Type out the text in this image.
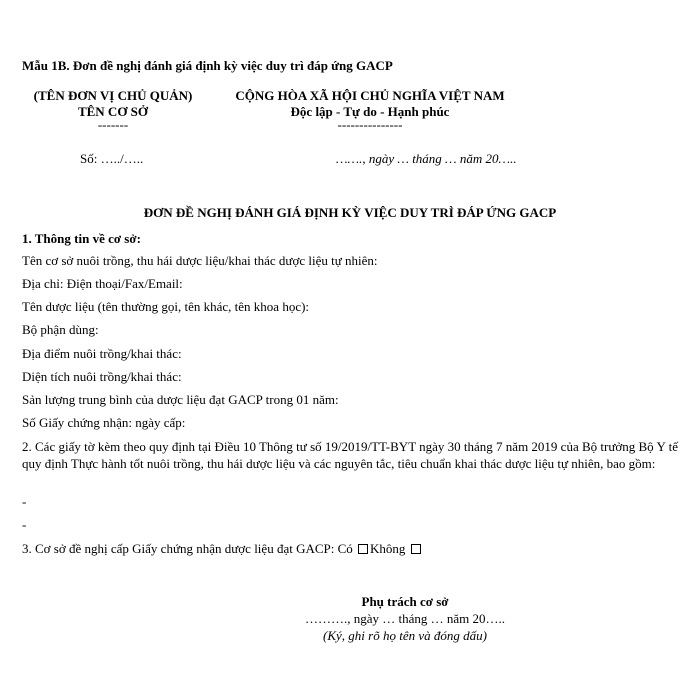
Mẫu 1B. Đơn đề nghị đánh giá định kỳ việc duy trì đáp ứng GACP
(TÊN ĐƠN VỊ CHỦ QUẢN)
TÊN CƠ SỞ
-------
Số: …../…..
CỘNG HÒA XÃ HỘI CHỦ NGHĨA VIỆT NAM
Độc lập - Tự do - Hạnh phúc
---------------
……., ngày … tháng … năm 20…..
ĐƠN ĐỀ NGHỊ ĐÁNH GIÁ ĐỊNH KỲ VIỆC DUY TRÌ ĐÁP ỨNG GACP
1. Thông tin về cơ sở:
Tên cơ sở nuôi trồng, thu hái dược liệu/khai thác dược liệu tự nhiên:
Địa chỉ: Điện thoại/Fax/Email:
Tên dược liệu (tên thường gọi, tên khác, tên khoa học):
Bộ phận dùng:
Địa điểm nuôi trồng/khai thác:
Diện tích nuôi trồng/khai thác:
Sản lượng trung bình của dược liệu đạt GACP trong 01 năm:
Số Giấy chứng nhận: ngày cấp:
2. Các giấy tờ kèm theo quy định tại Điều 10 Thông tư số 19/2019/TT-BYT ngày 30 tháng 7 năm 2019 của Bộ trưởng Bộ Y tế quy định Thực hành tốt nuôi trồng, thu hái dược liệu và các nguyên tắc, tiêu chuẩn khai thác dược liệu tự nhiên, bao gồm:
-
-
3. Cơ sở đề nghị cấp Giấy chứng nhận dược liệu đạt GACP: Có Không
Phụ trách cơ sở
………., ngày … tháng … năm 20…..
(Ký, ghi rõ họ tên và đóng dấu)
